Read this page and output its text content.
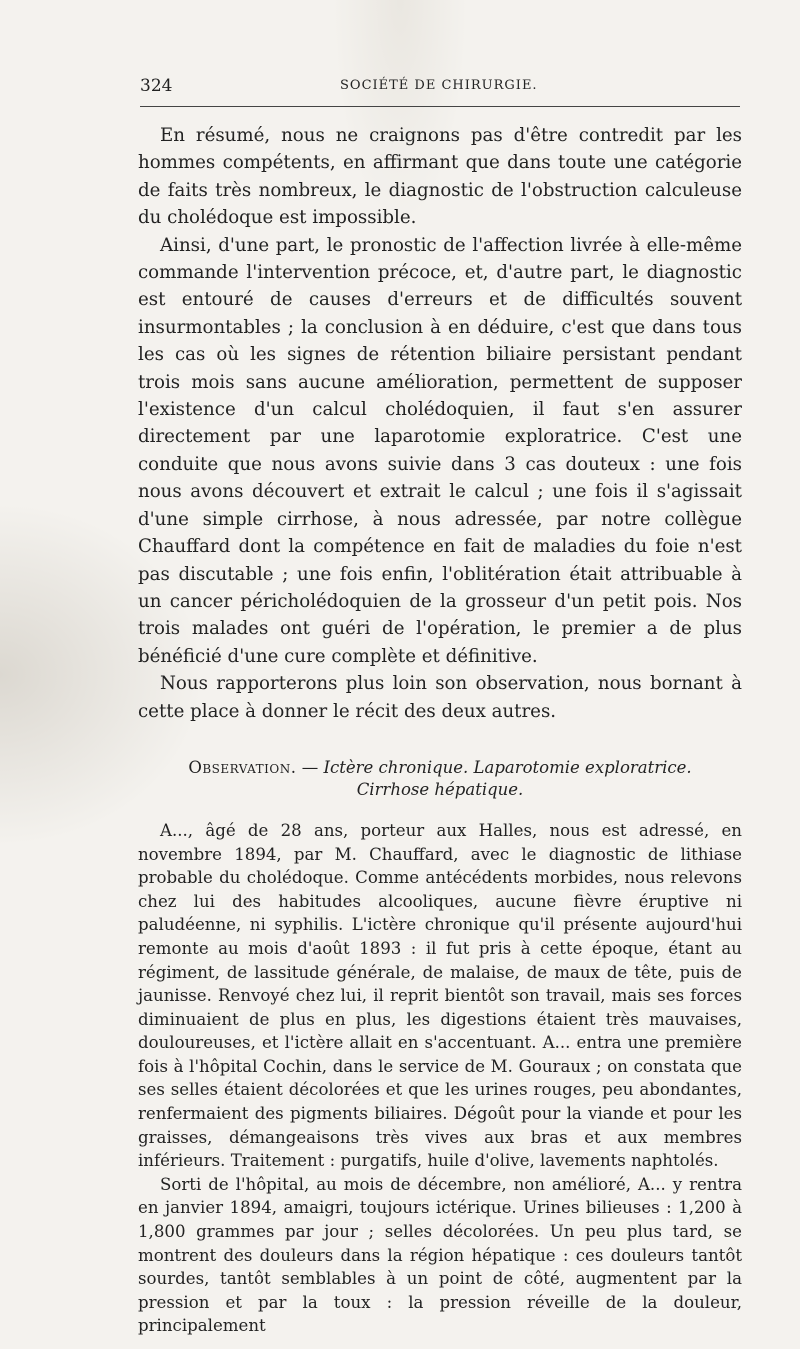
324	SOCIÉTÉ DE CHIRURGIE.

En résumé, nous ne craignons pas d'être contredit par les hommes compétents, en affirmant que dans toute une catégorie de faits très nombreux, le diagnostic de l'obstruction calculeuse du cholédoque est impossible.

Ainsi, d'une part, le pronostic de l'affection livrée à elle-même commande l'intervention précoce, et, d'autre part, le diagnostic est entouré de causes d'erreurs et de difficultés souvent insurmontables ; la conclusion à en déduire, c'est que dans tous les cas où les signes de rétention biliaire persistant pendant trois mois sans aucune amélioration, permettent de supposer l'existence d'un calcul cholédoquien, il faut s'en assurer directement par une laparotomie exploratrice. C'est une conduite que nous avons suivie dans 3 cas douteux : une fois nous avons découvert et extrait le calcul ; une fois il s'agissait d'une simple cirrhose, à nous adressée, par notre collègue Chauffard dont la compétence en fait de maladies du foie n'est pas discutable ; une fois enfin, l'oblitération était attribuable à un cancer péricholédoquien de la grosseur d'un petit pois. Nos trois malades ont guéri de l'opération, le premier a de plus bénéficié d'une cure complète et définitive.

Nous rapporterons plus loin son observation, nous bornant à cette place à donner le récit des deux autres.

Observation. — Ictère chronique. Laparotomie exploratrice.
Cirrhose hépatique.

A..., âgé de 28 ans, porteur aux Halles, nous est adressé, en novembre 1894, par M. Chauffard, avec le diagnostic de lithiase probable du cholédoque. Comme antécédents morbides, nous relevons chez lui des habitudes alcooliques, aucune fièvre éruptive ni paludéenne, ni syphilis. L'ictère chronique qu'il présente aujourd'hui remonte au mois d'août 1893 : il fut pris à cette époque, étant au régiment, de lassitude générale, de malaise, de maux de tête, puis de jaunisse. Renvoyé chez lui, il reprit bientôt son travail, mais ses forces diminuaient de plus en plus, les digestions étaient très mauvaises, douloureuses, et l'ictère allait en s'accentuant. A... entra une première fois à l'hôpital Cochin, dans le service de M. Gouraux ; on constata que ses selles étaient décolorées et que les urines rouges, peu abondantes, renfermaient des pigments biliaires. Dégoût pour la viande et pour les graisses, démangeaisons très vives aux bras et aux membres inférieurs. Traitement : purgatifs, huile d'olive, lavements naphtolés.

Sorti de l'hôpital, au mois de décembre, non amélioré, A... y rentra en janvier 1894, amaigri, toujours ictérique. Urines bilieuses : 1,200 à 1,800 grammes par jour ; selles décolorées. Un peu plus tard, se montrent des douleurs dans la région hépatique : ces douleurs tantôt sourdes, tantôt semblables à un point de côté, augmentent par la pression et par la toux : la pression réveille de la douleur, principalement
